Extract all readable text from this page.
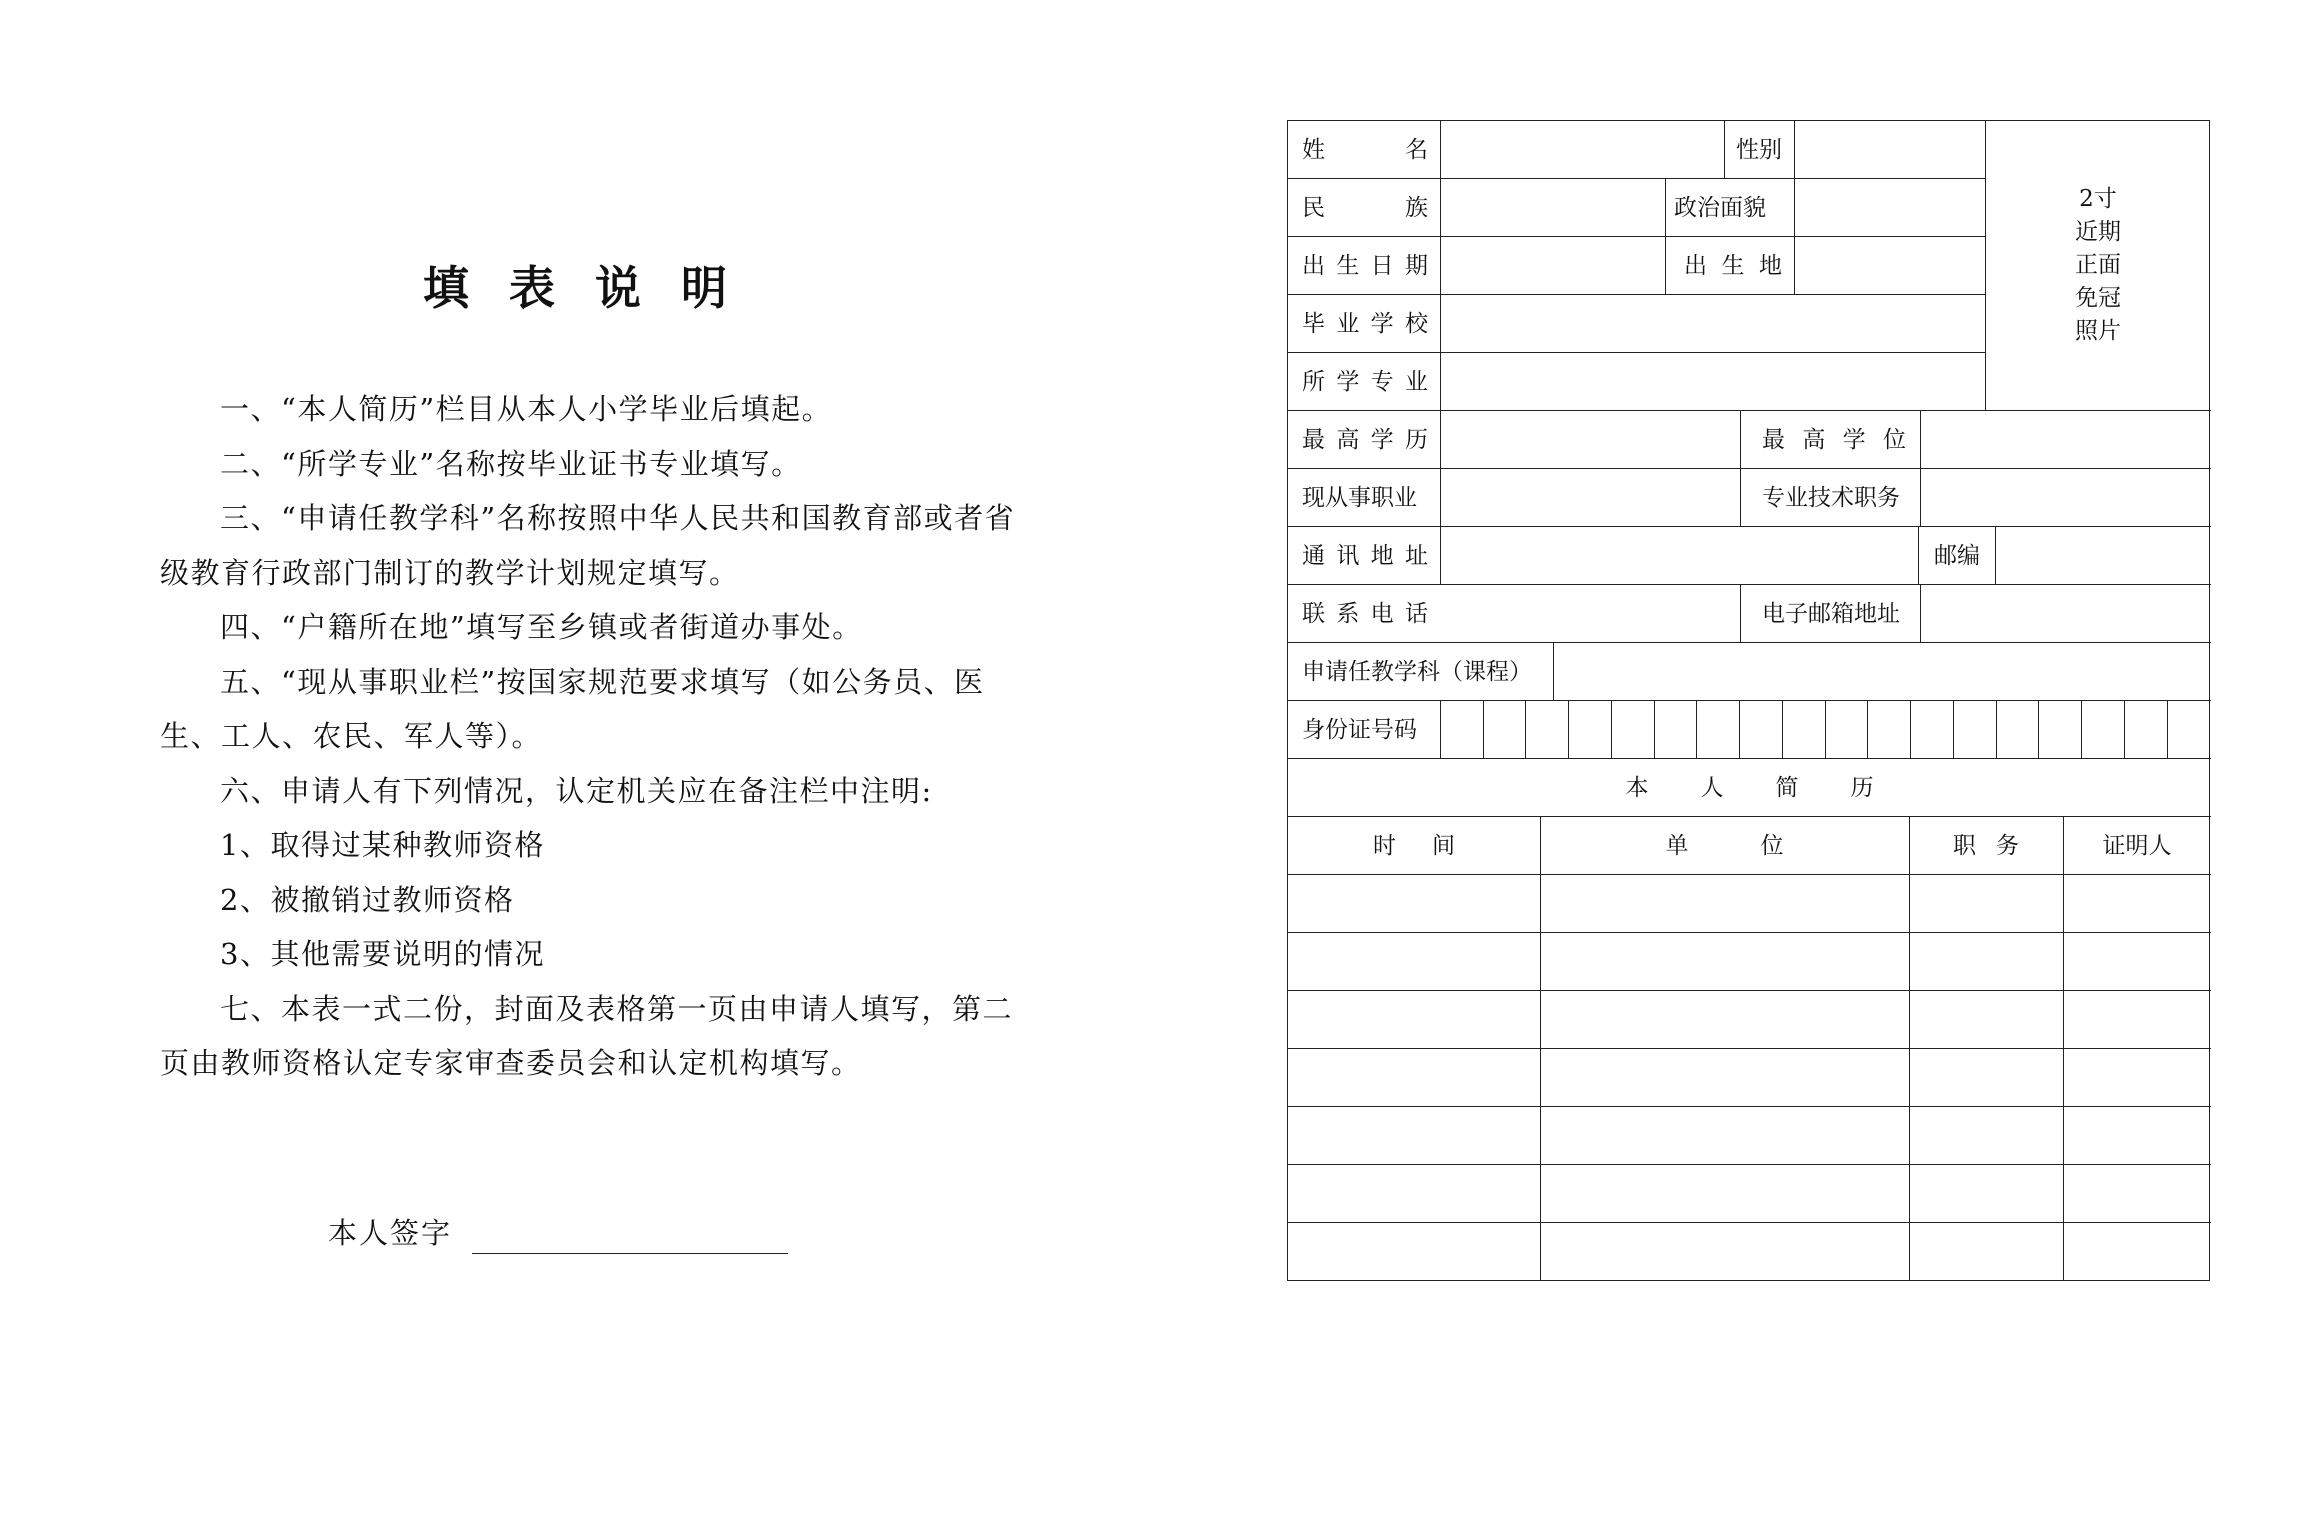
填表说明

一、“本人简历”栏目从本人小学毕业后填起。

二、“所学专业”名称按毕业证书专业填写。

三、“申请任教学科”名称按照中华人民共和国教育部或者省级教育行政部门制订的教学计划规定填写。

四、“户籍所在地”填写至乡镇或者街道办事处。

五、“现从事职业栏”按国家规范要求填写（如公务员、医生、工人、农民、军人等）。

六、申请人有下列情况，认定机关应在备注栏中注明:

1、取得过某种教师资格

2、被撤销过教师资格

3、其他需要说明的情况

七、本表一式二份，封面及表格第一页由申请人填写，第二页由教师资格认定专家审查委员会和认定机构填写。

本人签字
姓名	性别
民族	政治面貌
出生日期	出生地
毕业学校
所学专业
最高学历	最高学位
现从事职业	专业技术职务
通讯地址	邮编
联系电话	电子邮箱地址
申请任教学科（课程）
身份证号码
2寸
近期
正面
免冠
照片
本人简历
时间	单位	职务	证明人
